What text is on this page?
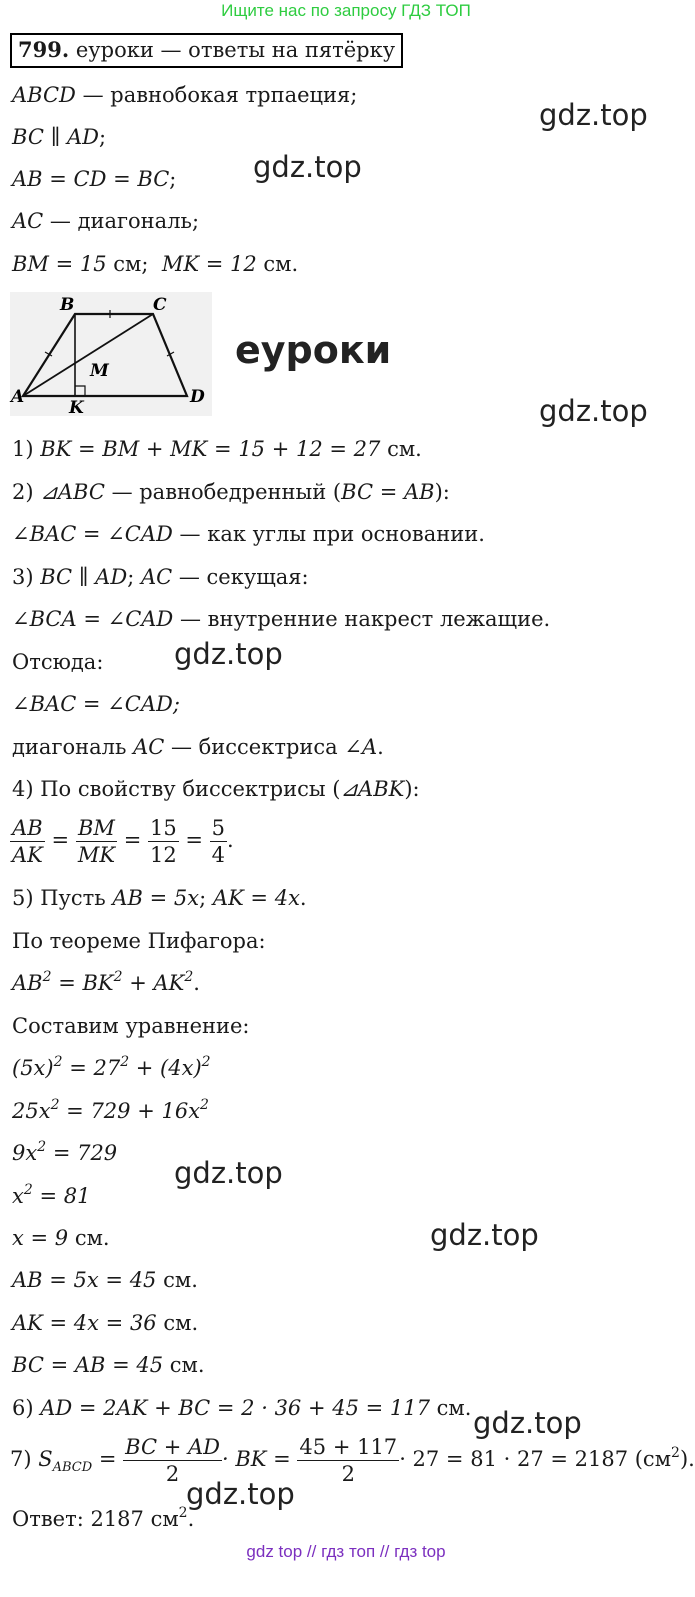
Ищите нас по запросу ГДЗ ТОП
799. еуроки — ответы на пятёрку
ABCD — равнобокая трпаеция;
BC ∥ AD;
AB = CD = BC;
AC — диагональ;
BM = 15 см; MK = 12 см.
B	C
M
A
K
D
еуроки
1) BK = BM + MK = 15 + 12 = 27 см.
2) ⊿ABC — равнобедренный (BC = AB):
∠BAC = ∠CAD — как углы при основании.
3) BC ∥ AD; AC — секущая:
∠BCA = ∠CAD — внутренние накрест лежащие.
Отсюда:
∠BAC = ∠CAD;
диагональ AC — биссектриса ∠A.
4) По свойству биссектрисы (⊿ABK):
$\frac{AB}{AK} = \frac{BM}{MK} = \frac{15}{12} = \frac{5}{4}$ .
5) Пусть AB = 5x; AK = 4x.
По теореме Пифагора:
$AB^2 = BK^2 + AK^2$.
Составим уравнение:
$(5x)^2 = 27^2 + (4x)^2$
$25x^2 = 729 + 16x^2$
$9x^2 = 729$
$x^2 = 81$
x = 9 см.
AB = 5x = 45 см.
AK = 4x = 36 см.
BC = AB = 45 см.
6) AD = 2AK + BC = 2 · 36 + 45 = 117 см.
7) $S_{ABCD} = \frac{BC + AD}{2}$ · BK = $\frac{45 + 117}{2} \cdot 27 = 81 \cdot 27 = 2187$ $(см^2)$.
Ответ: 2187 $см^2$.
gdz.top
gdz.top
gdz.top
gdz.top
gdz.top
gdz.top
gdz.top
gdz.top
gdz top // гдз топ // гдз top
